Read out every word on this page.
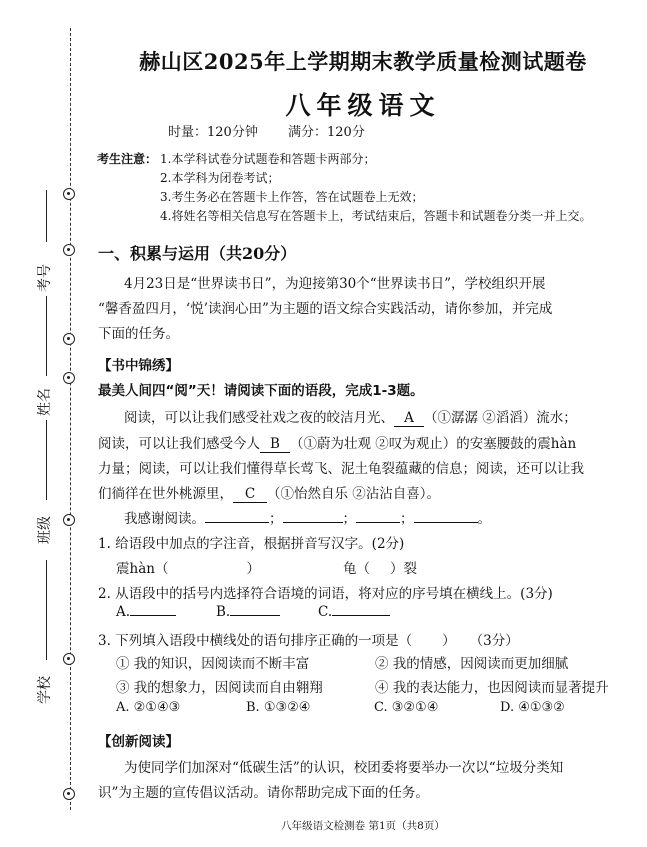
考号
姓名
班级
学校
赫山区2025年上学期期末教学质量检测试题卷
八年级语文
时量：120分钟 满分：120分
考生注意： 1.本学科试卷分试题卷和答题卡两部分；
2.本学科为闭卷考试；
3.考生务必在答题卡上作答，答在试题卷上无效；
4.将姓名等相关信息写在答题卡上，考试结束后，答题卡和试题卷分类一并上交。
一、积累与运用（共20分）
4月23日是“世界读书日”，为迎接第30个“世界读书日”，学校组织开展
“馨香盈四月，‘悦’读润心田”为主题的语文综合实践活动，请你参加，并完成
下面的任务。
【书中锦绣】
最美人间四“阅”天！请阅读下面的语段，完成1-3题。
阅读，可以让我们感受社戏之夜的皎洁月光、 A （①潺潺 ②滔滔）流水；
阅读，可以让我们感受今人 B （①蔚为壮观 ②叹为观止）的安塞腰鼓的震hàn
力量；阅读，可以让我们懂得草长莺飞、泥土龟裂蕴藏的信息；阅读，还可以让我
们徜徉在世外桃源里， C （①怡然自乐 ②沾沾自喜）。
我感谢阅读。	；	；	；	。
1. 给语段中加点的字注音，根据拼音写汉字。(2分)
震hàn（	）	龟（ ）裂
2. 从语段中的括号内选择符合语境的词语，将对应的序号填在横线上。(3分)
A.	B.	C.
3. 下列填入语段中横线处的语句排序正确的一项是（ ） （3分）
① 我的知识，因阅读而不断丰富	② 我的情感，因阅读而更加细腻
③ 我的想象力，因阅读而自由翱翔	④ 我的表达能力，也因阅读而显著提升
A. ②①④③	B. ①③②④	C. ③②①④	D. ④①③②
【创新阅读】
为使同学们加深对“低碳生活”的认识，校团委将要举办一次以“垃圾分类知
识”为主题的宣传倡议活动。请你帮助完成下面的任务。
八年级语文检测卷 第1页（共8页）
